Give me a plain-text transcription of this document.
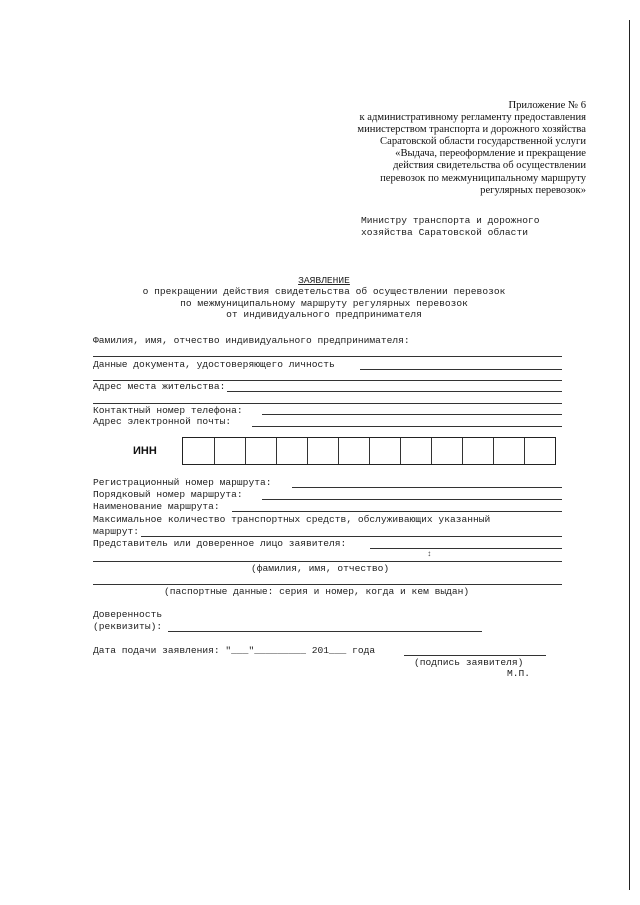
Приложение № 6
к административному регламенту предоставления
министерством транспорта и дорожного хозяйства
Саратовской области государственной услуги
«Выдача, переоформление и прекращение
действия свидетельства об осуществлении
перевозок по межмуниципальному маршруту
регулярных перевозок»
Министру транспорта и дорожного
хозяйства Саратовской области
ЗАЯВЛЕНИЕ
о прекращении действия свидетельства об осуществлении перевозок
по межмуниципальному маршруту регулярных перевозок
от индивидуального предпринимателя
Фамилия, имя, отчество индивидуального предпринимателя:
Данные документа, удостоверяющего личность
Адрес места жительства:
Контактный номер телефона:
Адрес электронной почты:
ИНН
Регистрационный номер маршрута:
Порядковый номер маршрута:
Наименование маршрута:
Максимальное количество транспортных средств, обслуживающих указанный
маршрут:
Представитель или доверенное лицо заявителя:
↕
(фамилия, имя, отчество)
(паспортные данные: серия и номер, когда и кем выдан)
Доверенность
(реквизиты):
Дата подачи заявления: "___"_________ 201___ года
(подпись заявителя)
М.П.
